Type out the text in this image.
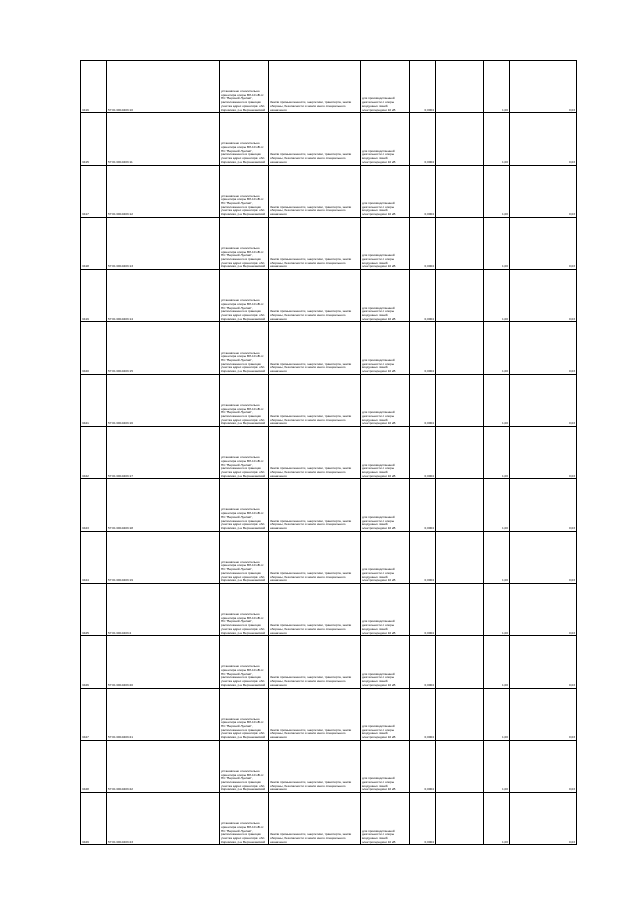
3416	57:01:0010403:10	установлено относительно ориентира опоры ВЛ-10 кВ от ПС "Верхний Луклав", расположенного в границах участка адрес ориентира: обл. Кировская, р-н Верхнекамский	Земли промышленности, энергетики, транспорта, земли обороны, безопасности и земли иного специального назначения	для производственной деятельности с опоры воздушных линий электропередачи 10 кВ	0,0004		1,00	0,03
3415	57:01:0010403:11	установлено относительно ориентира опоры ВЛ-10 кВ от ПС "Верхний Луклав", расположенного в границах участка адрес ориентира: обл. Кировская, р-н Верхнекамский	Земли промышленности, энергетики, транспорта, земли обороны, безопасности и земли иного специального назначения	для производственной деятельности с опоры воздушных линий электропередачи 10 кВ	0,0004		1,00	0,03
3417	57:01:0010403:12	установлено относительно ориентира опоры ВЛ-10 кВ от ПС "Верхний Луклав", расположенного в границах участка адрес ориентира: обл. Кировская, р-н Верхнекамский	Земли промышленности, энергетики, транспорта, земли обороны, безопасности и земли иного специального назначения	для производственной деятельности с опоры воздушных линий электропередачи 10 кВ	0,0004		1,00	0,03
3418	57:01:0010403:13	установлено относительно ориентира опоры ВЛ-10 кВ от ПС "Верхний Луклав", расположенного в границах участка адрес ориентира: обл. Кировская, р-н Верхнекамский	Земли промышленности, энергетики, транспорта, земли обороны, безопасности и земли иного специального назначения	для производственной деятельности с опоры воздушных линий электропередачи 10 кВ	0,0004		1,00	0,03
3419	57:01:0010403:14	установлено относительно ориентира опоры ВЛ-10 кВ от ПС "Верхний Луклав", расположенного в границах участка адрес ориентира: обл. Кировская, р-н Верхнекамский	Земли промышленности, энергетики, транспорта, земли обороны, безопасности и земли иного специального назначения	для производственной деятельности с опоры воздушных линий электропередачи 10 кВ	0,0004		1,00	0,03
3420	57:01:0010403:15	установлено относительно ориентира опоры ВЛ-10 кВ от ПС "Верхний Луклав", расположенного в границах участка адрес ориентира: обл. Кировская, р-н Верхнекамский	Земли промышленности, энергетики, транспорта, земли обороны, безопасности и земли иного специального назначения	для производственной деятельности с опоры воздушных линий электропередачи 10 кВ	0,0004		1,00	0,03
3421	57:01:0010403:16	установлено относительно ориентира опоры ВЛ-10 кВ от ПС "Верхний Луклав", расположенного в границах участка адрес ориентира: обл. Кировская, р-н Верхнекамский	Земли промышленности, энергетики, транспорта, земли обороны, безопасности и земли иного специального назначения	для производственной деятельности с опоры воздушных линий электропередачи 10 кВ	0,0004		1,00	0,03
3422	57:01:0010403:17	установлено относительно ориентира опоры ВЛ-10 кВ от ПС "Верхний Луклав", расположенного в границах участка адрес ориентира: обл. Кировская, р-н Верхнекамский	Земли промышленности, энергетики, транспорта, земли обороны, безопасности и земли иного специального назначения	для производственной деятельности с опоры воздушных линий электропередачи 10 кВ	0,0004		1,00	0,03
3423	57:01:0010403:18	установлено относительно ориентира опоры ВЛ-10 кВ от ПС "Верхний Луклав", расположенного в границах участка адрес ориентира: обл. Кировская, р-н Верхнекамский	Земли промышленности, энергетики, транспорта, земли обороны, безопасности и земли иного специального назначения	для производственной деятельности с опоры воздушных линий электропередачи 10 кВ	0,0004		1,00	0,03
3424	57:01:0010403:19	установлено относительно ориентира опоры ВЛ-10 кВ от ПС "Верхний Луклав", расположенного в границах участка адрес ориентира: обл. Кировская, р-н Верхнекамский	Земли промышленности, энергетики, транспорта, земли обороны, безопасности и земли иного специального назначения	для производственной деятельности с опоры воздушных линий электропередачи 10 кВ	0,0004		1,00	0,03
3425	57:01:0010403:2	установлено относительно ориентира опоры ВЛ-10 кВ от ПС "Верхний Луклав", расположенного в границах участка адрес ориентира: обл. Кировская, р-н Верхнекамский	Земли промышленности, энергетики, транспорта, земли обороны, безопасности и земли иного специального назначения	для производственной деятельности с опоры воздушных линий электропередачи 10 кВ	0,0004		1,00	0,03
3426	57:01:0010403:20	установлено относительно ориентира опоры ВЛ-10 кВ от ПС "Верхний Луклав", расположенного в границах участка адрес ориентира: обл. Кировская, р-н Верхнекамский	Земли промышленности, энергетики, транспорта, земли обороны, безопасности и земли иного специального назначения	для производственной деятельности с опоры воздушных линий электропередачи 10 кВ	0,0004		1,00	0,03
3427	57:01:0010403:21	установлено относительно ориентира опоры ВЛ-10 кВ от ПС "Верхний Луклав", расположенного в границах участка адрес ориентира: обл. Кировская, р-н Верхнекамский	Земли промышленности, энергетики, транспорта, земли обороны, безопасности и земли иного специального назначения	для производственной деятельности с опоры воздушных линий электропередачи 10 кВ	0,0004		1,00	0,03
3428	57:01:0010403:22	установлено относительно ориентира опоры ВЛ-10 кВ от ПС "Верхний Луклав", расположенного в границах участка адрес ориентира: обл. Кировская, р-н Верхнекамский	Земли промышленности, энергетики, транспорта, земли обороны, безопасности и земли иного специального назначения	для производственной деятельности с опоры воздушных линий электропередачи 10 кВ	0,0004		1,00	0,03
3429	57:01:0010403:23	установлено относительно ориентира опоры ВЛ-10 кВ от ПС "Верхний Луклав", расположенного в границах участка адрес ориентира: обл. Кировская, р-н Верхнекамский	Земли промышленности, энергетики, транспорта, земли обороны, безопасности и земли иного специального назначения	для производственной деятельности с опоры воздушных линий электропередачи 10 кВ	0,0004		1,00	0,03
